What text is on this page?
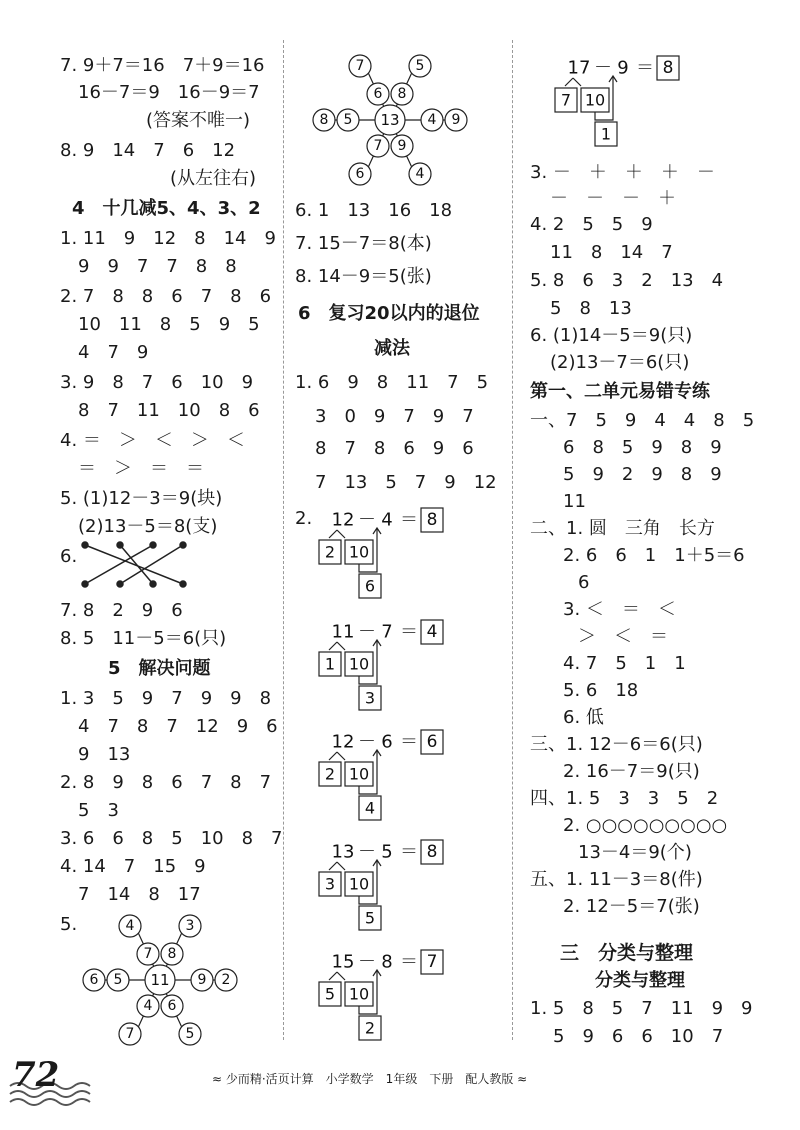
7. 9＋7＝16　7＋9＝16
16－7＝9　16－9＝7
(答案不唯一)
8. 9　14　7　6　12
(从左往右)
4　十几减5、4、3、2
1. 11　9　12　8　14　9
9　9　7　7　8　8
2. 7　8　8　6　7　8　6
10　11　8　5　9　5
4　7　9
3. 9　8　7　6　10　9
8　7　11　10　8　6
4. ＝　＞　＜　＞　＜
＝　＞　＝　＝
5. (1)12－3＝9(块)
(2)13－5＝8(支)
6.
7. 8　2　9　6
8. 5　11－5＝6(只)
5　解决问题
1. 3　5　9　7　9　9　8
4　7　8　7　12　9　6
9　13
2. 8　9　8　6　7　8　7
5　3
3. 6　6　8　5　10　8　7
4. 14　7　15　9
7　14　8　17
5.
5
6	9 2
7
4
8
3
4
7
6
5
11
5
8	4 9
6
7
8
5
7
6
9
4
13
6. 1　13　16　18
7. 15－7＝8(本)
8. 14－9＝5(张)
6　复习20以内的退位
减法
1. 6　9　8　11　7　5
3　0　9　7　9　7
8　7　8　6　9　6
7　13　5　7　9　12
2. 12 － 4 ＝ 8
2 10
6
11 － 7 ＝ 4
1 10
3
12 － 6 ＝ 6
2 10
4
13 － 5 ＝ 8
3 10
5
15 － 8 ＝ 7
5 10
2
17 － 9 ＝ 8
7 10
1
3. －　＋　＋　＋　－
－　－　－　＋
4. 2　5　5　9
11　8　14　7
5. 8　6　3　2　13　4
5　8　13
6. (1)14－5＝9(只)
(2)13－7＝6(只)
第一、二单元易错专练
一、7　5　9　4　4　8　5
6　8　5　9　8　9
5　9　2　9　8　9
11
二、1. 圆　三角　长方
2. 6　6　1　1＋5＝6
6
3. ＜　＝　＜
＞　＜　＝
4. 7　5　1　1
5. 6　18
6. 低
三、1. 12－6＝6(只)
2. 16－7＝9(只)
四、1. 5　3　3　5　2
2. ○○○○○○○○○
13－4＝9(个)
五、1. 11－3＝8(件)
2. 12－5＝7(张)
三　分类与整理
分类与整理
1. 5　8　5　7　11　9　9
5　9　6　6　10　7
72	≈ 少而精·活页计算　小学数学　1年级　下册　配人教版 ≈
